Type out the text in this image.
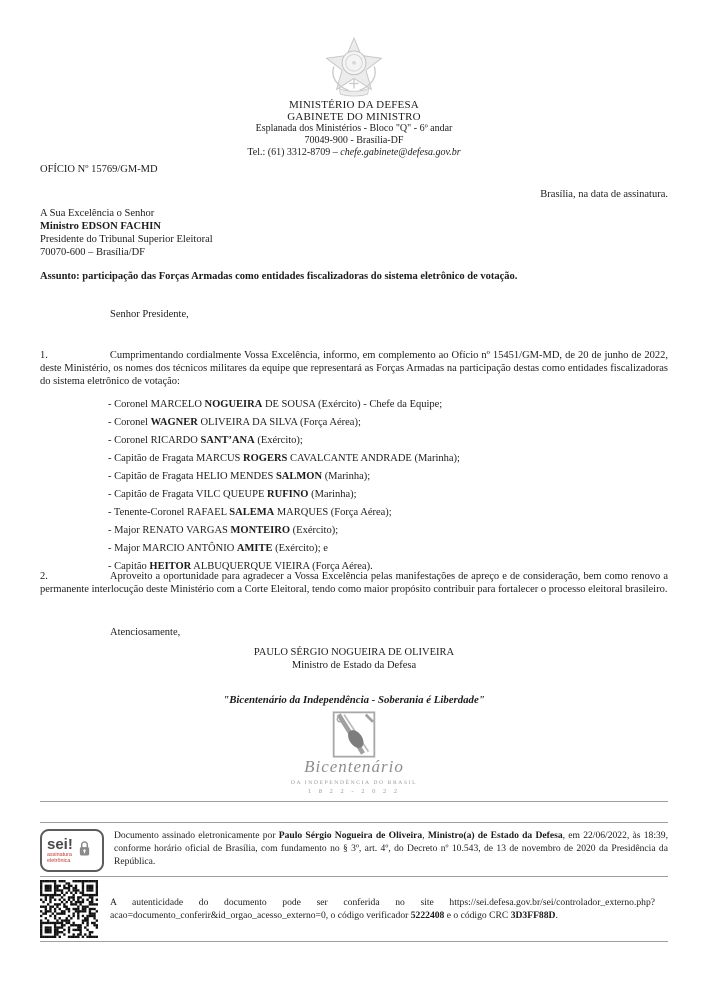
MINISTÉRIO DA DEFESA
GABINETE DO MINISTRO
Esplanada dos Ministérios - Bloco "Q" - 6º andar
70049-900 - Brasília-DF
Tel.: (61) 3312-8709 – chefe.gabinete@defesa.gov.br
OFÍCIO Nº 15769/GM-MD
Brasília, na data de assinatura.
A Sua Excelência o Senhor
Ministro EDSON FACHIN
Presidente do Tribunal Superior Eleitoral
70070-600 – Brasília/DF
Assunto: participação das Forças Armadas como entidades fiscalizadoras do sistema eletrônico de votação.
Senhor Presidente,

1.	Cumprimentando cordialmente Vossa Excelência, informo, em complemento ao Ofício nº 15451/GM-MD, de 20 de junho de 2022, deste Ministério, os nomes dos técnicos militares da equipe que representará as Forças Armadas na participação destas como entidades fiscalizadoras do sistema eletrônico de votação:

- Coronel MARCELO NOGUEIRA DE SOUSA (Exército) - Chefe da Equipe;
- Coronel WAGNER OLIVEIRA DA SILVA (Força Aérea);
- Coronel RICARDO SANT’ANA (Exército);
- Capitão de Fragata MARCUS ROGERS CAVALCANTE ANDRADE (Marinha);
- Capitão de Fragata HELIO MENDES SALMON (Marinha);
- Capitão de Fragata VILC QUEUPE RUFINO (Marinha);
- Tenente-Coronel RAFAEL SALEMA MARQUES (Força Aérea);
- Major RENATO VARGAS MONTEIRO (Exército);
- Major MARCIO ANTÔNIO AMITE (Exército); e
- Capitão HEITOR ALBUQUERQUE VIEIRA (Força Aérea).

2.	Aproveito a oportunidade para agradecer a Vossa Excelência pelas manifestações de apreço e de consideração, bem como renovo a permanente interlocução deste Ministério com a Corte Eleitoral, tendo como maior propósito contribuir para fortalecer o processo eleitoral brasileiro.

Atenciosamente,
PAULO SÉRGIO NOGUEIRA DE OLIVEIRA
Ministro de Estado da Defesa
"Bicentenário da Independência - Soberania é Liberdade"
Bicentenário
DA INDEPENDÊNCIA DO BRASIL
1 8 2 2 - 2 0 2 2
sei!
assinatura
eletrônica
Documento assinado eletronicamente por Paulo Sérgio Nogueira de Oliveira, Ministro(a) de Estado da Defesa, em 22/06/2022, às 18:39, conforme horário oficial de Brasília, com fundamento no § 3º, art. 4º, do Decreto nº 10.543, de 13 de novembro de 2020 da Presidência da República.
A autenticidade do documento pode ser conferida no site https://sei.defesa.gov.br/sei/controlador_externo.php?acao=documento_conferir&id_orgao_acesso_externo=0, o código verificador 5222408 e o código CRC 3D3FF88D.
